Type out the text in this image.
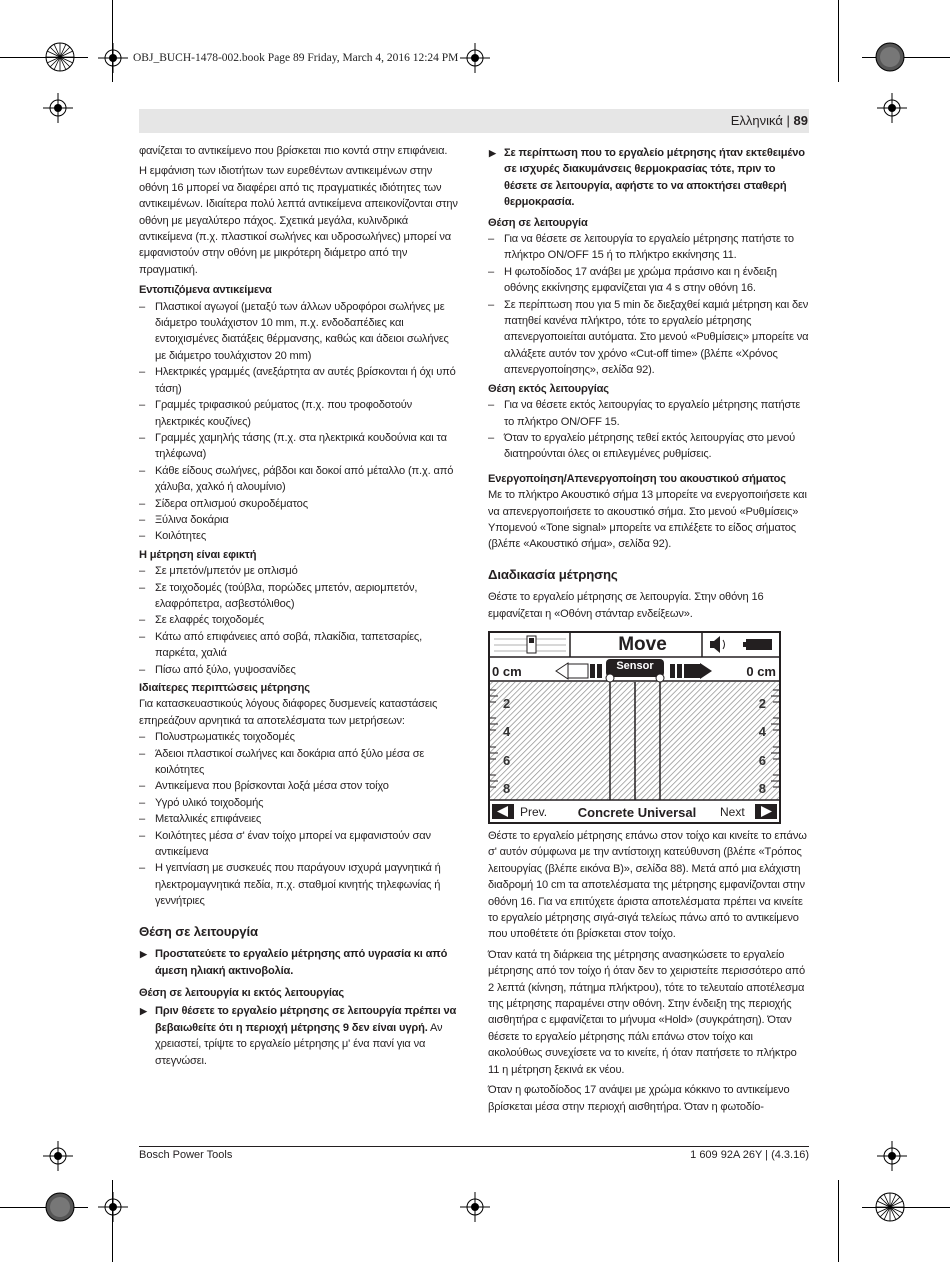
OBJ_BUCH-1478-002.book Page 89 Friday, March 4, 2016 12:24 PM
Ελληνικά | 89

φανίζεται το αντικείμενο που βρίσκεται πιο κοντά στην επιφάνεια.

Η εμφάνιση των ιδιοτήτων των ευρεθέντων αντικειμένων στην οθόνη 16 μπορεί να διαφέρει από τις πραγματικές ιδιότητες των αντικειμένων. Ιδιαίτερα πολύ λεπτά αντικείμενα απεικονίζονται στην οθόνη με μεγαλύτερο πάχος. Σχετικά μεγάλα, κυλινδρικά αντικείμενα (π.χ. πλαστικοί σωλήνες και υδροσωλήνες) μπορεί να εμφανιστούν στην οθόνη με μικρότερη διάμετρο από την πραγματική.

Εντοπιζόμενα αντικείμενα
– Πλαστικοί αγωγοί (μεταξύ των άλλων υδροφόροι σωλήνες με διάμετρο τουλάχιστον 10 mm, π.χ. ενδοδαπέδιες και εντοιχισμένες διατάξεις θέρμανσης, καθώς και άδειοι σωλήνες με διάμετρο τουλάχιστον 20 mm)
– Ηλεκτρικές γραμμές (ανεξάρτητα αν αυτές βρίσκονται ή όχι υπό τάση)
– Γραμμές τριφασικού ρεύματος (π.χ. που τροφοδοτούν ηλεκτρικές κουζίνες)
– Γραμμές χαμηλής τάσης (π.χ. στα ηλεκτρικά κουδούνια και τα τηλέφωνα)
– Κάθε είδους σωλήνες, ράβδοι και δοκοί από μέταλλο (π.χ. από χάλυβα, χαλκό ή αλουμίνιο)
– Σίδερα οπλισμού σκυροδέματος
– Ξύλινα δοκάρια
– Κοιλότητες
Η μέτρηση είναι εφικτή
– Σε μπετόν/μπετόν με οπλισμό
– Σε τοιχοδομές (τούβλα, πορώδες μπετόν, αεριομπετόν, ελαφρόπετρα, ασβεστόλιθος)
– Σε ελαφρές τοιχοδομές
– Κάτω από επιφάνειες από σοβά, πλακίδια, ταπετσαρίες, παρκέτα, χαλιά
– Πίσω από ξύλο, γυψοσανίδες
Ιδιαίτερες περιπτώσεις μέτρησης

Για κατασκευαστικούς λόγους διάφορες δυσμενείς καταστάσεις επηρεάζουν αρνητικά τα αποτελέσματα των μετρήσεων:

– Πολυστρωματικές τοιχοδομές
– Άδειοι πλαστικοί σωλήνες και δοκάρια από ξύλο μέσα σε κοιλότητες
– Αντικείμενα που βρίσκονται λοξά μέσα στον τοίχο
– Υγρό υλικό τοιχοδομής
– Μεταλλικές επιφάνειες
– Κοιλότητες μέσα σ' έναν τοίχο μπορεί να εμφανιστούν σαν αντικείμενα
– Η γειτνίαση με συσκευές που παράγουν ισχυρά μαγνητικά ή ηλεκτρομαγνητικά πεδία, π.χ. σταθμοί κινητής τηλεφωνίας ή γεννήτριες
Θέση σε λειτουργία
▶ Προστατεύετε το εργαλείο μέτρησης από υγρασία κι από άμεση ηλιακή ακτινοβολία.
Θέση σε λειτουργία κι εκτός λειτουργίας
▶ Πριν θέσετε το εργαλείο μέτρησης σε λειτουργία πρέπει να βεβαιωθείτε ότι η περιοχή μέτρησης 9 δεν είναι υγρή. Αν χρειαστεί, τρίψτε το εργαλείο μέτρησης μ' ένα πανί για να στεγνώσει.
▶ Σε περίπτωση που το εργαλείο μέτρησης ήταν εκτεθειμένο σε ισχυρές διακυμάνσεις θερμοκρασίας τότε, πριν το θέσετε σε λειτουργία, αφήστε το να αποκτήσει σταθερή θερμοκρασία.
Θέση σε λειτουργία
– Για να θέσετε σε λειτουργία το εργαλείο μέτρησης πατήστε το πλήκτρο ON/OFF 15 ή το πλήκτρο εκκίνησης 11.
– Η φωτοδίοδος 17 ανάβει με χρώμα πράσινο και η ένδειξη οθόνης εκκίνησης εμφανίζεται για 4 s στην οθόνη 16.
– Σε περίπτωση που για 5 min δε διεξαχθεί καμιά μέτρηση και δεν πατηθεί κανένα πλήκτρο, τότε το εργαλείο μέτρησης απενεργοποιείται αυτόματα. Στο μενού «Ρυθμίσεις» μπορείτε να αλλάξετε αυτόν τον χρόνο «Cut-off time» (βλέπε «Χρόνος απενεργοποίησης», σελίδα 92).
Θέση εκτός λειτουργίας
– Για να θέσετε εκτός λειτουργίας το εργαλείο μέτρησης πατήστε το πλήκτρο ON/OFF 15.
– Όταν το εργαλείο μέτρησης τεθεί εκτός λειτουργίας στο μενού διατηρούνται όλες οι επιλεγμένες ρυθμίσεις.
Ενεργοποίηση/Απενεργοποίηση του ακουστικού σήματος

Με το πλήκτρο Ακουστικό σήμα 13 μπορείτε να ενεργοποιήσετε και να απενεργοποιήσετε το ακουστικό σήμα. Στο μενού «Ρυθμίσεις» Υπομενού «Tone signal» μπορείτε να επιλέξετε το είδος σήματος (βλέπε «Ακουστικό σήμα», σελίδα 92).

Διαδικασία μέτρησης

Θέστε το εργαλείο μέτρησης σε λειτουργία. Στην οθόνη 16 εμφανίζεται η «Οθόνη στάνταρ ενδείξεων».

Move
0 cm	0 cm
Sensor
2
4
6
8
2
4
6
8
Prev.	Concrete Universal	Next

Θέστε το εργαλείο μέτρησης επάνω στον τοίχο και κινείτε το επάνω σ' αυτόν σύμφωνα με την αντίστοιχη κατεύθυνση (βλέπε «Τρόπος λειτουργίας (βλέπε εικόνα B)», σελίδα 88). Μετά από μια ελάχιστη διαδρομή 10 cm τα αποτελέσματα της μέτρησης εμφανίζονται στην οθόνη 16. Για να επιτύχετε άριστα αποτελέσματα πρέπει να κινείτε το εργαλείο μέτρησης σιγά-σιγά τελείως πάνω από το αντικείμενο που υποθέτετε ότι βρίσκεται στον τοίχο.

Όταν κατά τη διάρκεια της μέτρησης ανασηκώσετε το εργαλείο μέτρησης από τον τοίχο ή όταν δεν το χειριστείτε περισσότερο από 2 λεπτά (κίνηση, πάτημα πλήκτρου), τότε το τελευταίο αποτέλεσμα της μέτρησης παραμένει στην οθόνη. Στην ένδειξη της περιοχής αισθητήρα c εμφανίζεται το μήνυμα «Hold» (συγκράτηση). Όταν θέσετε το εργαλείο μέτρησης πάλι επάνω στον τοίχο και ακολούθως συνεχίσετε να το κινείτε, ή όταν πατήσετε το πλήκτρο 11 η μέτρηση ξεκινά εκ νέου.

Όταν η φωτοδίοδος 17 ανάψει με χρώμα κόκκινο το αντικείμενο βρίσκεται μέσα στην περιοχή αισθητήρα. Όταν η φωτοδίο-

Bosch Power Tools	1 609 92A 26Y | (4.3.16)
